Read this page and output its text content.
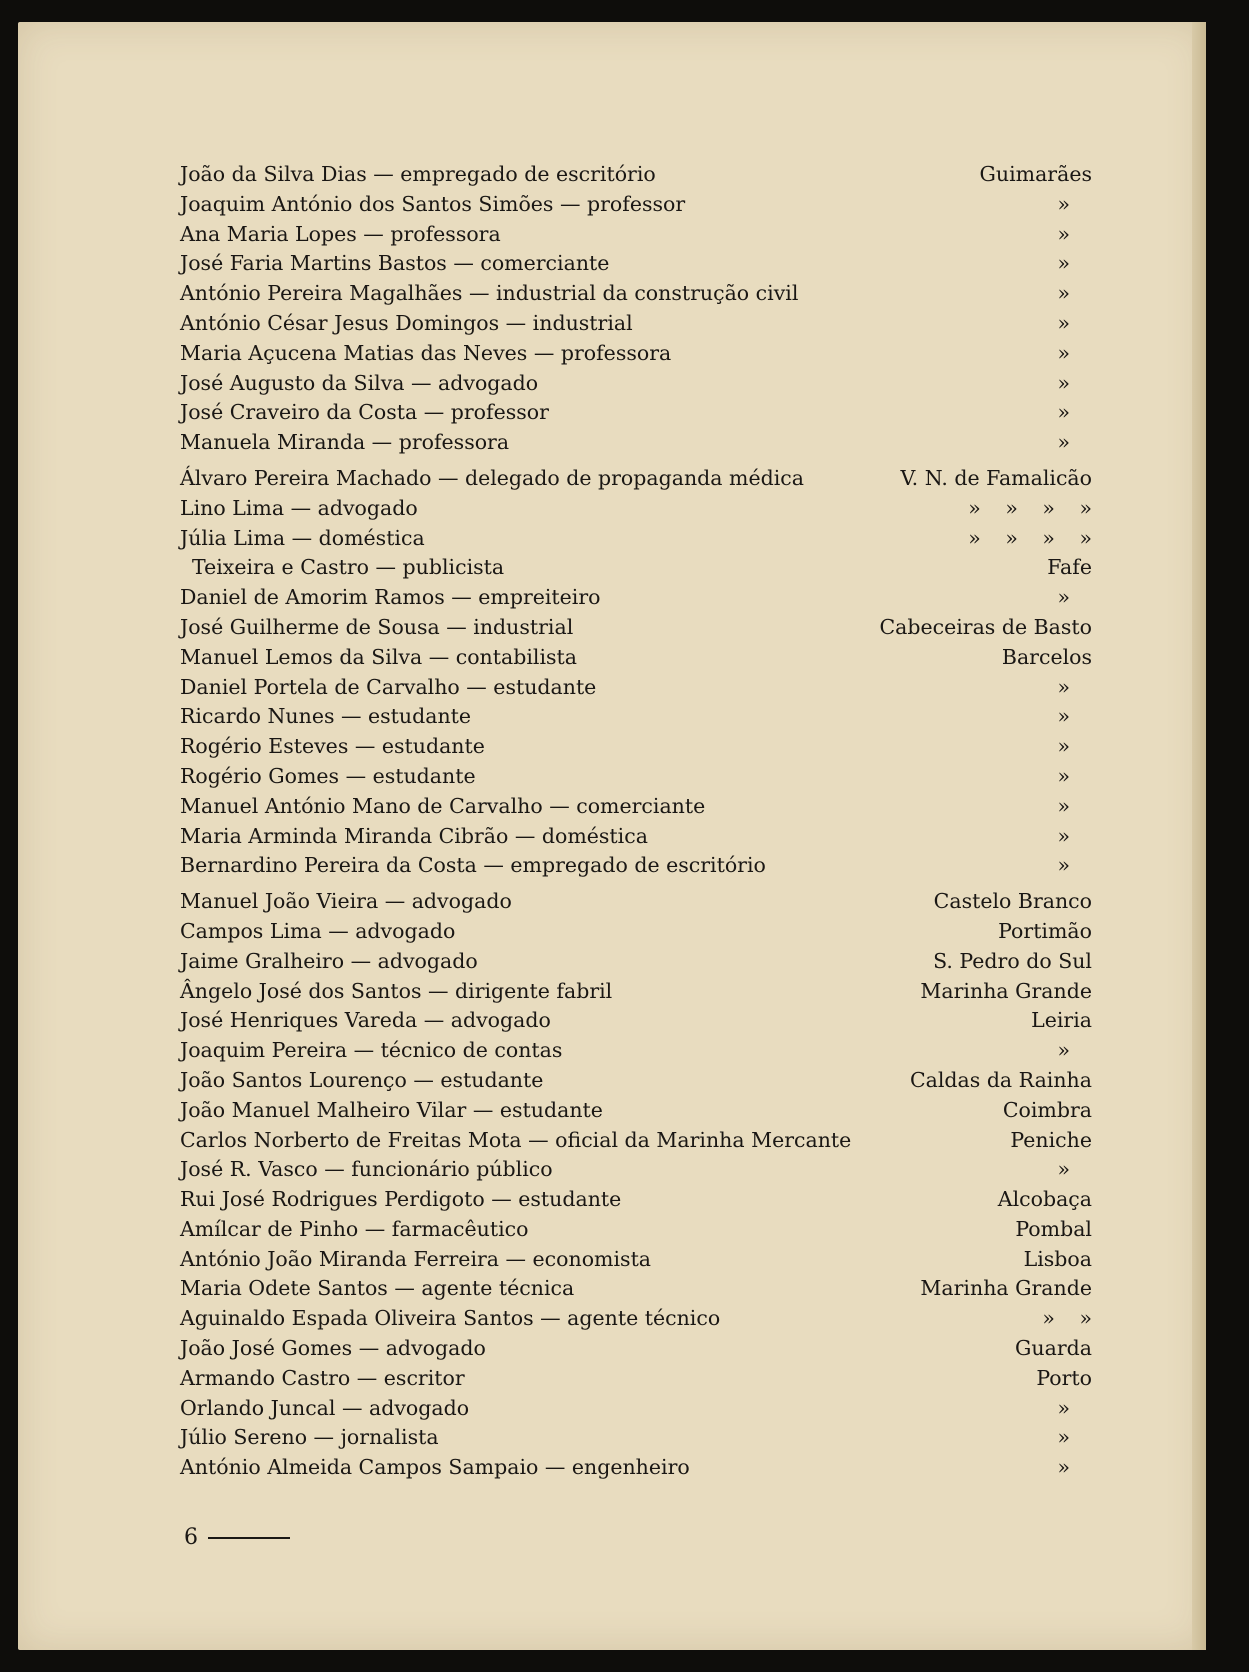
João da Silva Dias — empregado de escritório	Guimarães
Joaquim António dos Santos Simões — professor	»
Ana Maria Lopes — professora	»
José Faria Martins Bastos — comerciante	»
António Pereira Magalhães — industrial da construção civil	»
António César Jesus Domingos — industrial	»
Maria Açucena Matias das Neves — professora	»
José Augusto da Silva — advogado	»
José Craveiro da Costa — professor	»
Manuela Miranda — professora	»
Álvaro Pereira Machado — delegado de propaganda médica	V. N. de Famalicão
Lino Lima — advogado	» » » »
Júlia Lima — doméstica	» » » »
Teixeira e Castro — publicista	Fafe
Daniel de Amorim Ramos — empreiteiro	»
José Guilherme de Sousa — industrial	Cabeceiras de Basto
Manuel Lemos da Silva — contabilista	Barcelos
Daniel Portela de Carvalho — estudante	»
Ricardo Nunes — estudante	»
Rogério Esteves — estudante	»
Rogério Gomes — estudante	»
Manuel António Mano de Carvalho — comerciante	»
Maria Arminda Miranda Cibrão — doméstica	»
Bernardino Pereira da Costa — empregado de escritório	»
Manuel João Vieira — advogado	Castelo Branco
Campos Lima — advogado	Portimão
Jaime Gralheiro — advogado	S. Pedro do Sul
Ângelo José dos Santos — dirigente fabril	Marinha Grande
José Henriques Vareda — advogado	Leiria
Joaquim Pereira — técnico de contas	»
João Santos Lourenço — estudante	Caldas da Rainha
João Manuel Malheiro Vilar — estudante	Coimbra
Carlos Norberto de Freitas Mota — oficial da Marinha Mercante	Peniche
José R. Vasco — funcionário público	»
Rui José Rodrigues Perdigoto — estudante	Alcobaça
Amílcar de Pinho — farmacêutico	Pombal
António João Miranda Ferreira — economista	Lisboa
Maria Odete Santos — agente técnica	Marinha Grande
Aguinaldo Espada Oliveira Santos — agente técnico	» »
João José Gomes — advogado	Guarda
Armando Castro — escritor	Porto
Orlando Juncal — advogado	»
Júlio Sereno — jornalista	»
António Almeida Campos Sampaio — engenheiro	»
6
